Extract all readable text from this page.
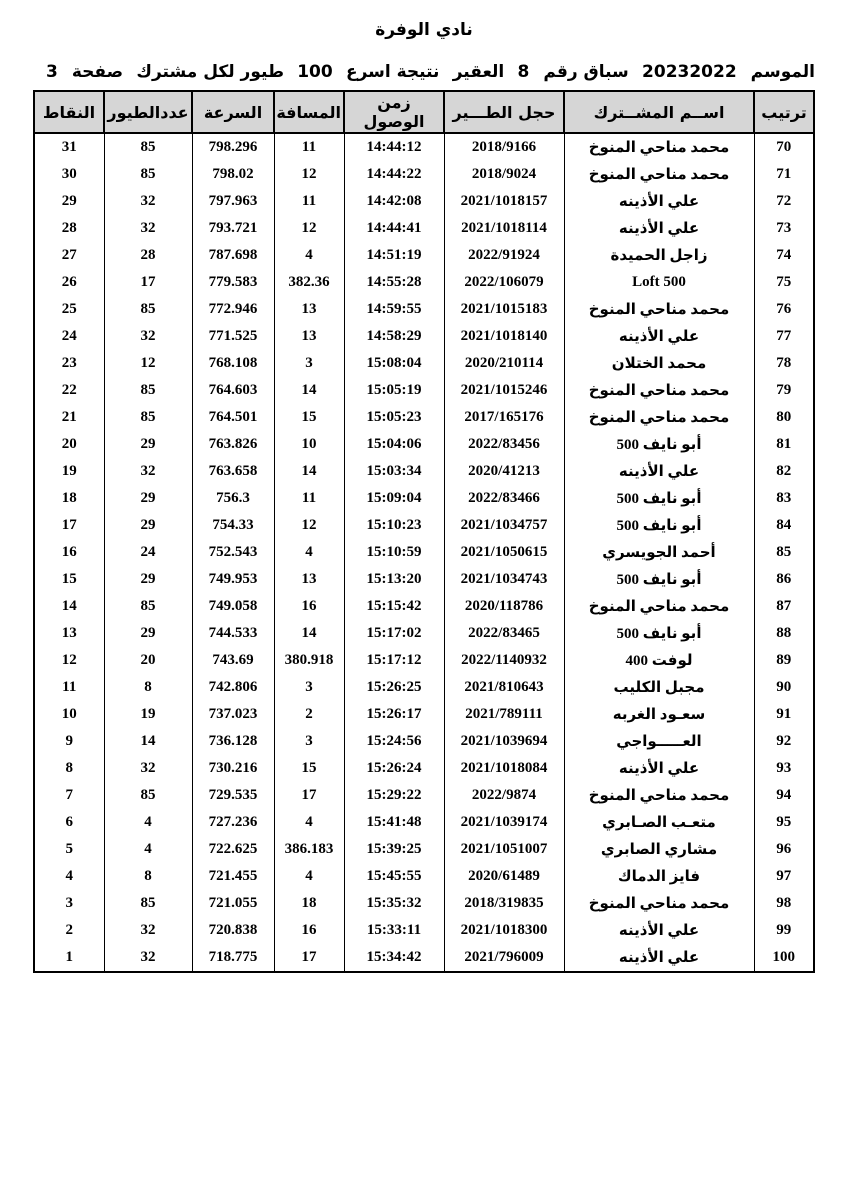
نادي الوفرة
الموسم
20232022
سباق رقم
8
العقير
نتيجة اسرع
100
طيور لكل مشترك
صفحة
3
ترتيب	اســم المشــترك	حجل الطـــير	زمن الوصول	المسافة	السرعة	عددالطيور	النقاط
70	محمد مناحي المنوخ	2018/9166	14:44:12	11	798.296	85	31
71	محمد مناحي المنوخ	2018/9024	14:44:22	12	798.02	85	30
72	علي الأذينه	2021/1018157	14:42:08	11	797.963	32	29
73	علي الأذينه	2021/1018114	14:44:41	12	793.721	32	28
74	زاجل الحميدة	2022/91924	14:51:19	4	787.698	28	27
75	Loft 500	2022/106079	14:55:28	382.36	779.583	17	26
76	محمد مناحي المنوخ	2021/1015183	14:59:55	13	772.946	85	25
77	علي الأذينه	2021/1018140	14:58:29	13	771.525	32	24
78	محمد الختلان	2020/210114	15:08:04	3	768.108	12	23
79	محمد مناحي المنوخ	2021/1015246	15:05:19	14	764.603	85	22
80	محمد مناحي المنوخ	2017/165176	15:05:23	15	764.501	85	21
81	أبو نايف 500	2022/83456	15:04:06	10	763.826	29	20
82	علي الأذينه	2020/41213	15:03:34	14	763.658	32	19
83	أبو نايف 500	2022/83466	15:09:04	11	756.3	29	18
84	أبو نايف 500	2021/1034757	15:10:23	12	754.33	29	17
85	أحمد الجويسري	2021/1050615	15:10:59	4	752.543	24	16
86	أبو نايف 500	2021/1034743	15:13:20	13	749.953	29	15
87	محمد مناحي المنوخ	2020/118786	15:15:42	16	749.058	85	14
88	أبو نايف 500	2022/83465	15:17:02	14	744.533	29	13
89	لوفت 400	2022/1140932	15:17:12	380.918	743.69	20	12
90	مجبل الكليب	2021/810643	15:26:25	3	742.806	8	11
91	سعـود الغربه	2021/789111	15:26:17	2	737.023	19	10
92	العـــــواجي	2021/1039694	15:24:56	3	736.128	14	9
93	علي الأذينه	2021/1018084	15:26:24	15	730.216	32	8
94	محمد مناحي المنوخ	2022/9874	15:29:22	17	729.535	85	7
95	متعـب الصـابري	2021/1039174	15:41:48	4	727.236	4	6
96	مشاري الصابري	2021/1051007	15:39:25	386.183	722.625	4	5
97	فايز الدماك	2020/61489	15:45:55	4	721.455	8	4
98	محمد مناحي المنوخ	2018/319835	15:35:32	18	721.055	85	3
99	علي الأذينه	2021/1018300	15:33:11	16	720.838	32	2
100	علي الأذينه	2021/796009	15:34:42	17	718.775	32	1
